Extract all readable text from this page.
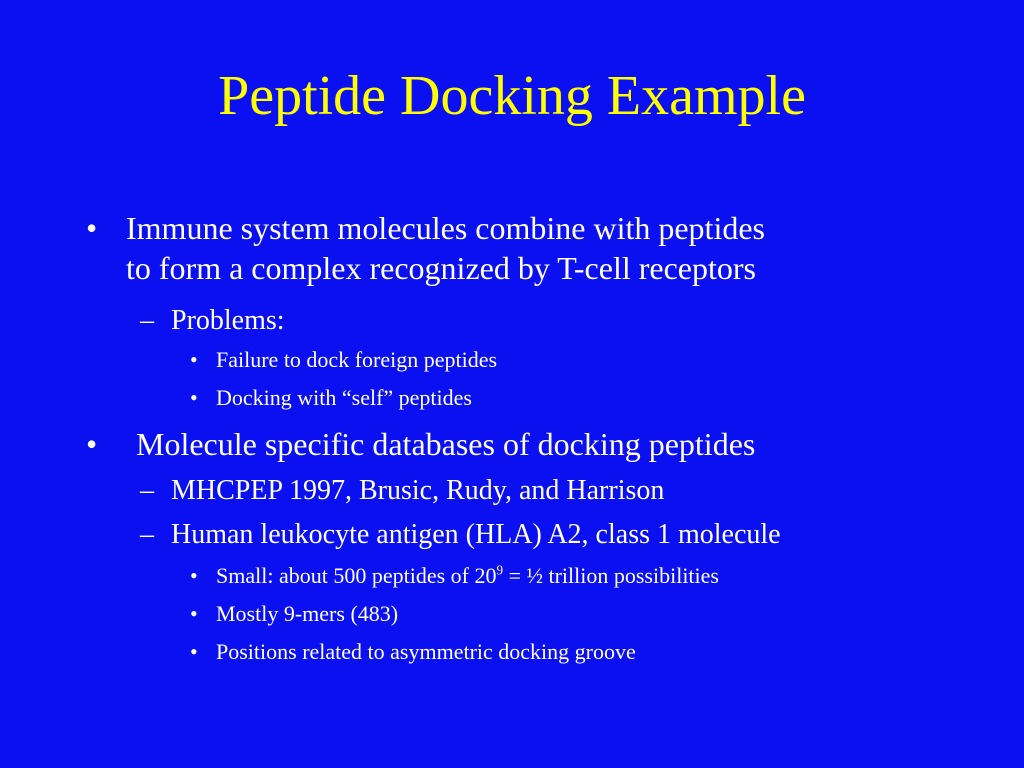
Peptide Docking Example
• Immune system molecules combine with peptides
to form a complex recognized by T-cell receptors
– Problems:
• Failure to dock foreign peptides
• Docking with “self” peptides
• Molecule specific databases of docking peptides
– MHCPEP 1997, Brusic, Rudy, and Harrison
– Human leukocyte antigen (HLA) A2, class 1 molecule
• Small: about 500 peptides of $20^9$ = ½ trillion possibilities
• Mostly 9-mers (483)
• Positions related to asymmetric docking groove
